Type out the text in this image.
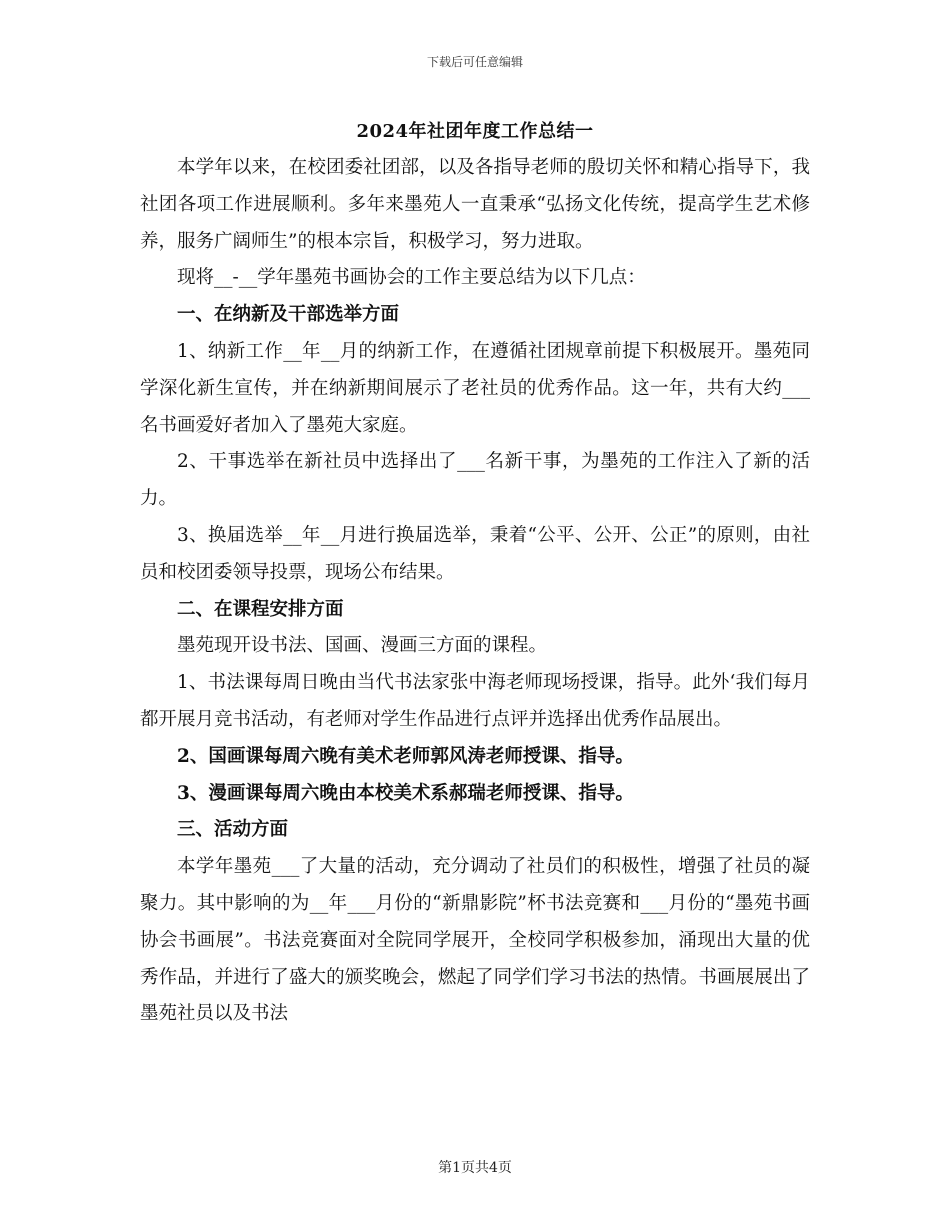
下载后可任意编辑
2024年社团年度工作总结一

本学年以来，在校团委社团部，以及各指导老师的殷切关怀和精心指导下，我社团各项工作进展顺利。多年来墨苑人一直秉承“弘扬文化传统，提高学生艺术修养，服务广阔师生”的根本宗旨，积极学习，努力进取。

现将__-__学年墨苑书画协会的工作主要总结为以下几点：

一、在纳新及干部选举方面

1、纳新工作__年__月的纳新工作，在遵循社团规章前提下积极展开。墨苑同学深化新生宣传，并在纳新期间展示了老社员的优秀作品。这一年，共有大约___名书画爱好者加入了墨苑大家庭。

2、干事选举在新社员中选择出了___名新干事，为墨苑的工作注入了新的活力。

3、换届选举__年__月进行换届选举，秉着“公平、公开、公正”的原则，由社员和校团委领导投票，现场公布结果。

二、在课程安排方面

墨苑现开设书法、国画、漫画三方面的课程。

1、书法课每周日晚由当代书法家张中海老师现场授课，指导。此外‘我们每月都开展月竞书活动，有老师对学生作品进行点评并选择出优秀作品展出。

2、国画课每周六晚有美术老师郭风涛老师授课、指导。

3、漫画课每周六晚由本校美术系郝瑞老师授课、指导。

三、活动方面

本学年墨苑___了大量的活动，充分调动了社员们的积极性，增强了社员的凝聚力。其中影响的为__年___月份的“新鼎影院”杯书法竞赛和___月份的“墨苑书画协会书画展”。书法竞赛面对全院同学展开，全校同学积极参加，涌现出大量的优秀作品，并进行了盛大的颁奖晚会，燃起了同学们学习书法的热情。书画展展出了墨苑社员以及书法

第1页共4页
